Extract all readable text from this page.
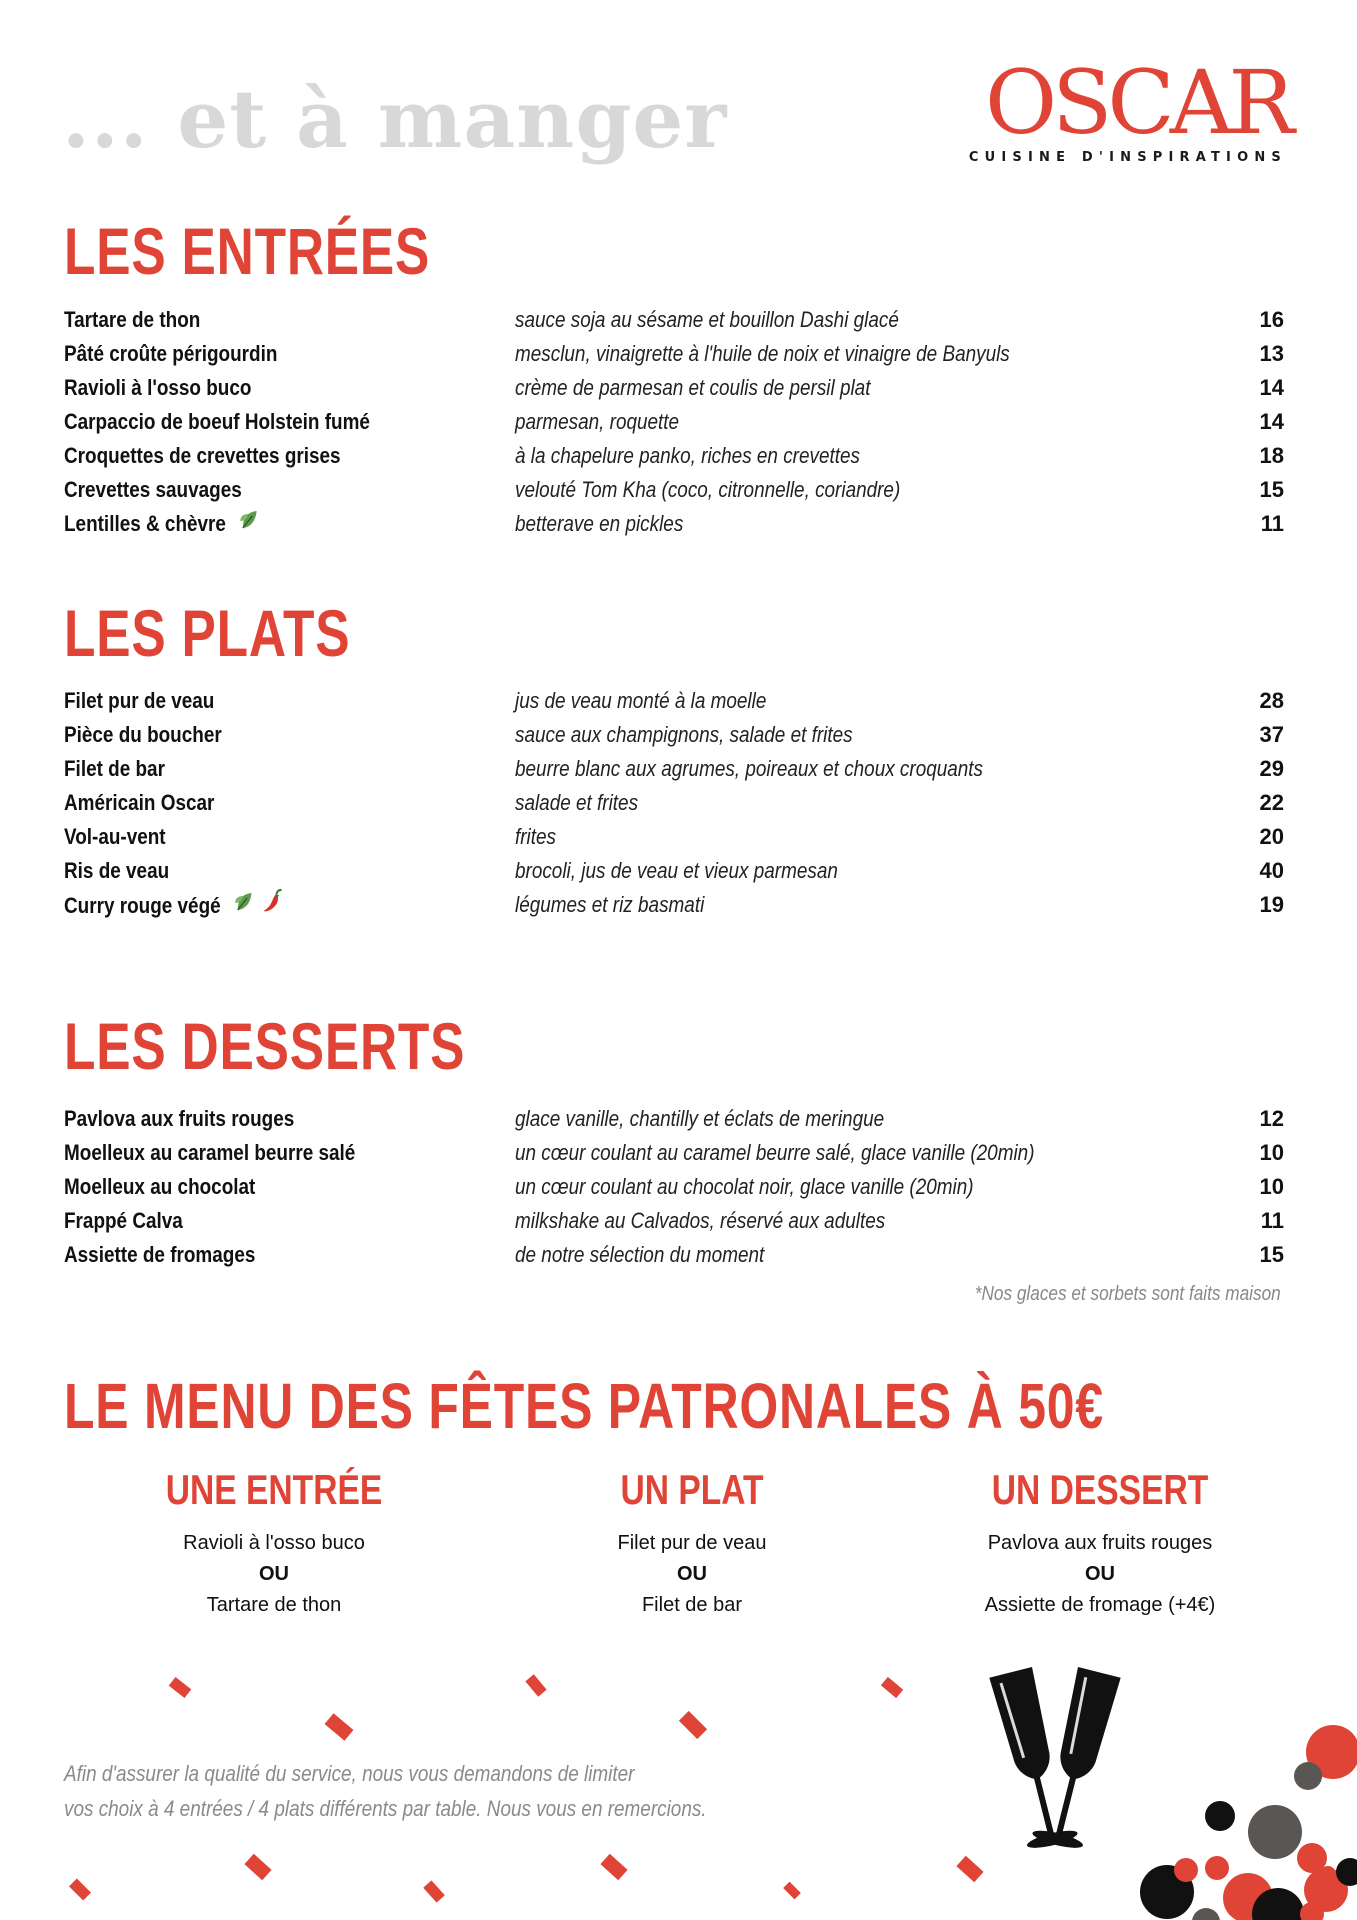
... et à manger	OSCAR
CUISINE D'INSPIRATIONS
LES ENTRÉES
Tartare de thon	sauce soja au sésame et bouillon Dashi glacé	16
Pâté croûte périgourdin	mesclun, vinaigrette à l'huile de noix et vinaigre de Banyuls	13
Ravioli à l'osso buco	crème de parmesan et coulis de persil plat	14
Carpaccio de boeuf Holstein fumé	parmesan, roquette	14
Croquettes de crevettes grises	à la chapelure panko, riches en crevettes	18
Crevettes sauvages	velouté Tom Kha (coco, citronnelle, coriandre)	15
Lentilles & chèvre	betterave en pickles	11
LES PLATS
Filet pur de veau	jus de veau monté à la moelle	28
Pièce du boucher	sauce aux champignons, salade et frites	37
Filet de bar	beurre blanc aux agrumes, poireaux et choux croquants	29
Américain Oscar	salade et frites	22
Vol-au-vent	frites	20
Ris de veau	brocoli, jus de veau et vieux parmesan	40
Curry rouge végé	légumes et riz basmati	19
LES DESSERTS
Pavlova aux fruits rouges	glace vanille, chantilly et éclats de meringue	12
Moelleux au caramel beurre salé	un cœur coulant au caramel beurre salé, glace vanille (20min)	10
Moelleux au chocolat	un cœur coulant au chocolat noir, glace vanille (20min)	10
Frappé Calva	milkshake au Calvados, réservé aux adultes	11
Assiette de fromages	de notre sélection du moment	15
*Nos glaces et sorbets sont faits maison
LE MENU DES FÊTES PATRONALES À 50€
UNE ENTRÉE
Ravioli à l'osso buco
OU
Tartare de thon
UN PLAT
Filet pur de veau
OU
Filet de bar
UN DESSERT
Pavlova aux fruits rouges
OU
Assiette de fromage (+4€)
Afin d'assurer la qualité du service, nous vous demandons de limiter
vos choix à 4 entrées / 4 plats différents par table. Nous vous en remercions.
